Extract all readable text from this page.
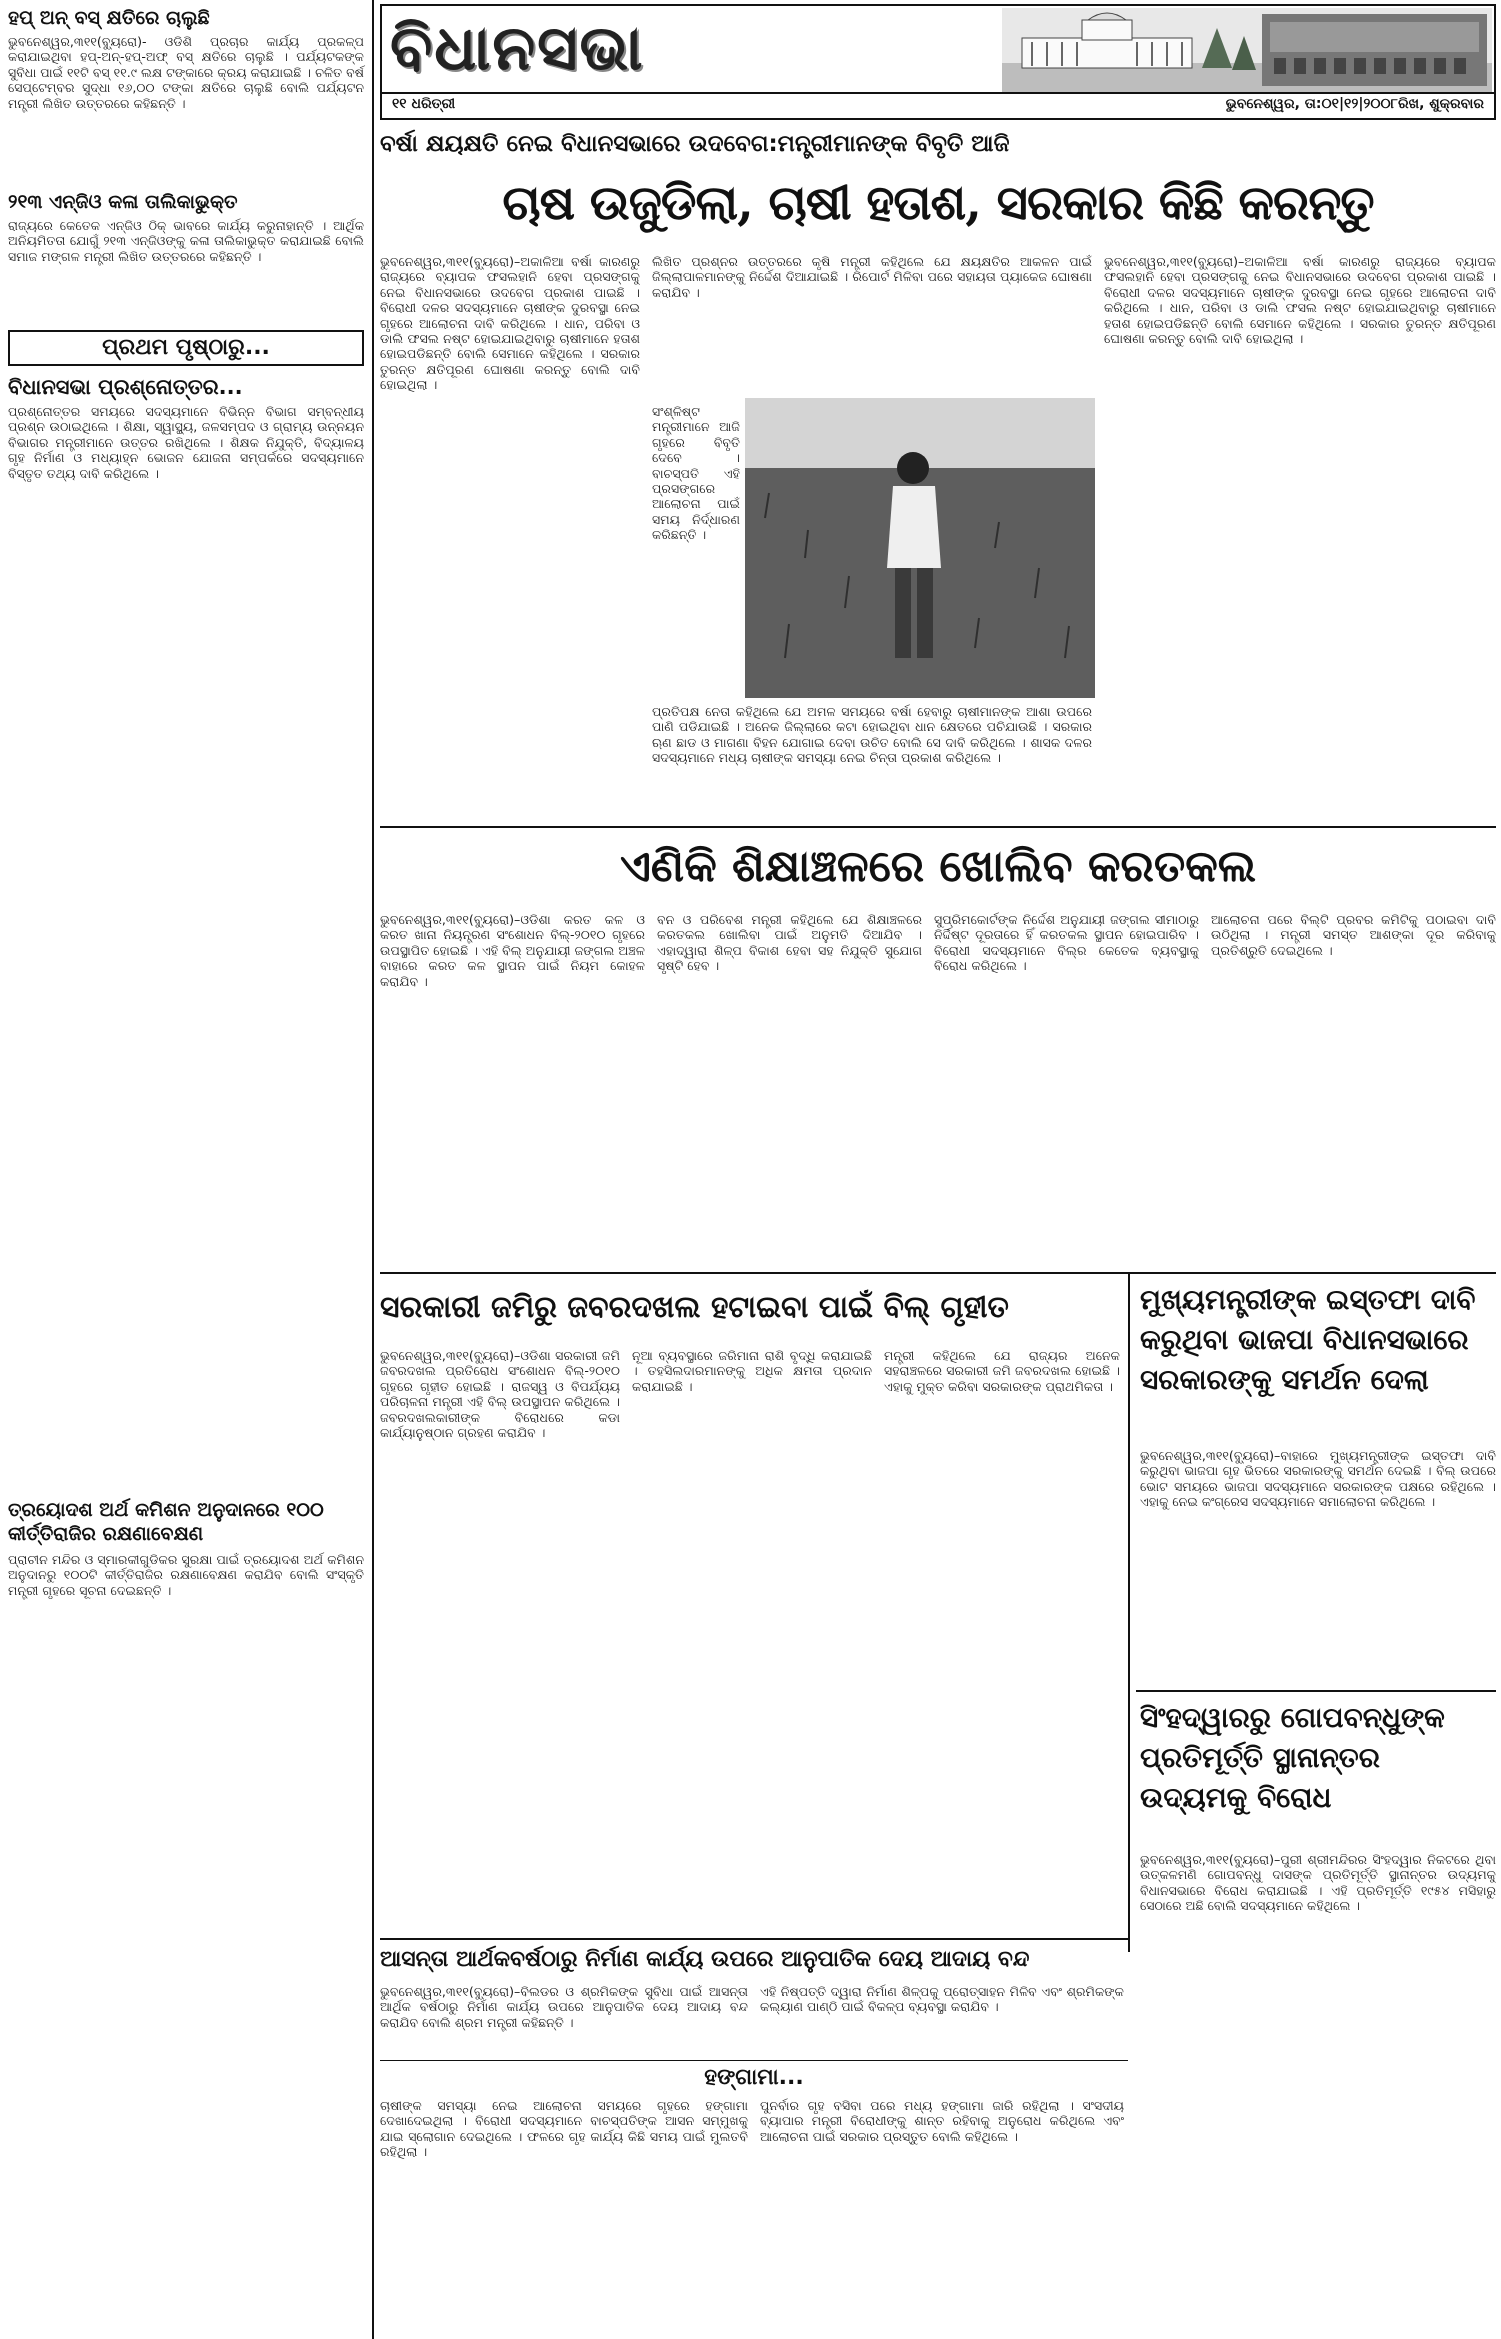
ହପ୍ ଅନ୍ ବସ୍ କ୍ଷତିରେ ଚାଲୁଛି
ଭୁବନେଶ୍ୱର,୩୧୧(ବ୍ୟୁରୋ)- ଓଡିଶି ପ୍ରଚାର କାର୍ଯ୍ୟ ପ୍ରକଳ୍ପ କରାଯାଇଥିବା ହପ୍-ଅନ୍-ହପ୍-ଅଫ୍ ବସ୍ କ୍ଷତିରେ ଚାଲୁଛି । ପର୍ଯ୍ୟଟକଙ୍କ ସୁବିଧା ପାଇଁ ୧୧ଟି ବସ୍ ୧୧.୯ ଲକ୍ଷ ଟଙ୍କାରେ କ୍ରୟ କରାଯାଇଛି । ଚଳିତ ବର୍ଷ ସେପ୍ଟେମ୍ବର ସୁଦ୍ଧା ୧୬,୦୦ ଟଙ୍କା କ୍ଷତିରେ ଚାଲୁଛି ବୋଲି ପର୍ଯ୍ୟଟନ ମନ୍ତ୍ରୀ ଲିଖିତ ଉତ୍ତରରେ କହିଛନ୍ତି ।
୨୧୩ ଏନ୍‌ଜିଓ କଳା ତାଲିକାଭୁକ୍ତ
ରାଜ୍ୟରେ କେତେକ ଏନ୍‌ଜିଓ ଠିକ୍ ଭାବରେ କାର୍ଯ୍ୟ କରୁନାହାନ୍ତି । ଆର୍ଥିକ ଅନିୟମିତତା ଯୋଗୁଁ ୨୧୩ ଏନ୍‌ଜିଓଙ୍କୁ କଳା ତାଲିକାଭୁକ୍ତ କରାଯାଇଛି ବୋଲି ସମାଜ ମଙ୍ଗଳ ମନ୍ତ୍ରୀ ଲିଖିତ ଉତ୍ତରରେ କହିଛନ୍ତି ।
ପ୍ରଥମ ପୃଷ୍ଠାରୁ...
ବିଧାନସଭା ପ୍ରଶ୍ନୋତ୍ତର...
ପ୍ରଶ୍ନୋତ୍ତର ସମୟରେ ସଦସ୍ୟମାନେ ବିଭିନ୍ନ ବିଭାଗ ସମ୍ବନ୍ଧୀୟ ପ୍ରଶ୍ନ ଉଠାଇଥିଲେ । ଶିକ୍ଷା, ସ୍ୱାସ୍ଥ୍ୟ, ଜଳସମ୍ପଦ ଓ ଗ୍ରାମ୍ୟ ଉନ୍ନୟନ ବିଭାଗର ମନ୍ତ୍ରୀମାନେ ଉତ୍ତର ରଖିଥିଲେ । ଶିକ୍ଷକ ନିଯୁକ୍ତି, ବିଦ୍ୟାଳୟ ଗୃହ ନିର୍ମାଣ ଓ ମଧ୍ୟାହ୍ନ ଭୋଜନ ଯୋଜନା ସମ୍ପର୍କରେ ସଦସ୍ୟମାନେ ବିସ୍ତୃତ ତଥ୍ୟ ଦାବି କରିଥିଲେ ।
ତ୍ରୟୋଦଶ ଅର୍ଥ କମିଶନ ଅନୁଦାନରେ ୧୦୦ କୀର୍ତ୍ତିରାଜିର ରକ୍ଷଣାବେକ୍ଷଣ
ପ୍ରାଚୀନ ମନ୍ଦିର ଓ ସ୍ମାରକୀଗୁଡିକର ସୁରକ୍ଷା ପାଇଁ ତ୍ରୟୋଦଶ ଅର୍ଥ କମିଶନ ଅନୁଦାନରୁ ୧୦୦ଟି କୀର୍ତ୍ତିରାଜିର ରକ୍ଷଣାବେକ୍ଷଣ କରାଯିବ ବୋଲି ସଂସ୍କୃତି ମନ୍ତ୍ରୀ ଗୃହରେ ସୂଚନା ଦେଇଛନ୍ତି ।
ବିଧାନସଭା
୧୧ ଧରିତ୍ରୀ	ଭୁବନେଶ୍ୱର, ତା:୦୧|୧୨|୨୦୦୮ରିଖ, ଶୁକ୍ରବାର
ବର୍ଷା କ୍ଷୟକ୍ଷତି ନେଇ ବିଧାନସଭାରେ ଉଦବେଗ:ମନ୍ତ୍ରୀମାନଙ୍କ ବିବୃତି ଆଜି
ଚାଷ ଉଜୁଡିଲା, ଚାଷୀ ହତାଶ, ସରକାର କିଛି କରନ୍ତୁ
ଭୁବନେଶ୍ୱର,୩୧୧(ବ୍ୟୁରୋ)–ଅକାଳିଆ ବର୍ଷା କାରଣରୁ ରାଜ୍ୟରେ ବ୍ୟାପକ ଫସଲହାନି ହେବା ପ୍ରସଙ୍ଗକୁ ନେଇ ବିଧାନସଭାରେ ଉଦବେଗ ପ୍ରକାଶ ପାଇଛି । ବିରୋଧୀ ଦଳର ସଦସ୍ୟମାନେ ଚାଷୀଙ୍କ ଦୁରବସ୍ଥା ନେଇ ଗୃହରେ ଆଲୋଚନା ଦାବି କରିଥିଲେ । ଧାନ, ପରିବା ଓ ଡାଲି ଫସଲ ନଷ୍ଟ ହୋଇଯାଇଥିବାରୁ ଚାଷୀମାନେ ହତାଶ ହୋଇପଡିଛନ୍ତି ବୋଲି ସେମାନେ କହିଥିଲେ । ସରକାର ତୁରନ୍ତ କ୍ଷତିପୂରଣ ଘୋଷଣା କରନ୍ତୁ ବୋଲି ଦାବି ହୋଇଥିଲା ।
ଲିଖିତ ପ୍ରଶ୍ନର ଉତ୍ତରରେ କୃଷି ମନ୍ତ୍ରୀ କହିଥିଲେ ଯେ କ୍ଷୟକ୍ଷତିର ଆକଳନ ପାଇଁ ଜିଲ୍ଲାପାଳମାନଙ୍କୁ ନିର୍ଦ୍ଦେଶ ଦିଆଯାଇଛି । ରିପୋର୍ଟ ମିଳିବା ପରେ ସହାୟତା ପ୍ୟାକେଜ ଘୋଷଣା କରାଯିବ ।
ସଂଶ୍ଳିଷ୍ଟ ମନ୍ତ୍ରୀମାନେ ଆଜି ଗୃହରେ ବିବୃତି ଦେବେ । ବାଚସ୍ପତି ଏହି ପ୍ରସଙ୍ଗରେ ଆଲୋଚନା ପାଇଁ ସମୟ ନିର୍ଦ୍ଧାରଣ କରିଛନ୍ତି ।
ପ୍ରତିପକ୍ଷ ନେତା କହିଥିଲେ ଯେ ଅମଳ ସମୟରେ ବର୍ଷା ହେବାରୁ ଚାଷୀମାନଙ୍କ ଆଶା ଉପରେ ପାଣି ପଡିଯାଇଛି । ଅନେକ ଜିଲ୍ଲାରେ କଟା ହୋଇଥିବା ଧାନ କ୍ଷେତରେ ପଚିଯାଉଛି । ସରକାର ଋଣ ଛାଡ ଓ ମାଗଣା ବିହନ ଯୋଗାଇ ଦେବା ଉଚିତ ବୋଲି ସେ ଦାବି କରିଥିଲେ । ଶାସକ ଦଳର ସଦସ୍ୟମାନେ ମଧ୍ୟ ଚାଷୀଙ୍କ ସମସ୍ୟା ନେଇ ଚିନ୍ତା ପ୍ରକାଶ କରିଥିଲେ ।
ଭୁବନେଶ୍ୱର,୩୧୧(ବ୍ୟୁରୋ)–ଅକାଳିଆ ବର୍ଷା କାରଣରୁ ରାଜ୍ୟରେ ବ୍ୟାପକ ଫସଲହାନି ହେବା ପ୍ରସଙ୍ଗକୁ ନେଇ ବିଧାନସଭାରେ ଉଦବେଗ ପ୍ରକାଶ ପାଇଛି । ବିରୋଧୀ ଦଳର ସଦସ୍ୟମାନେ ଚାଷୀଙ୍କ ଦୁରବସ୍ଥା ନେଇ ଗୃହରେ ଆଲୋଚନା ଦାବି କରିଥିଲେ । ଧାନ, ପରିବା ଓ ଡାଲି ଫସଲ ନଷ୍ଟ ହୋଇଯାଇଥିବାରୁ ଚାଷୀମାନେ ହତାଶ ହୋଇପଡିଛନ୍ତି ବୋଲି ସେମାନେ କହିଥିଲେ । ସରକାର ତୁରନ୍ତ କ୍ଷତିପୂରଣ ଘୋଷଣା କରନ୍ତୁ ବୋଲି ଦାବି ହୋଇଥିଲା ।
ଏଣିକି ଶିକ୍ଷାଞ୍ଚଳରେ ଖୋଲିବ କରତକଲ
ଭୁବନେଶ୍ୱର,୩୧୧(ବ୍ୟୁରୋ)–ଓଡିଶା କରତ କଳ ଓ କରତ ଖାନା ନିୟନ୍ତ୍ରଣ ସଂଶୋଧନ ବିଲ୍-୨୦୧୦ ଗୃହରେ ଉପସ୍ଥାପିତ ହୋଇଛି । ଏହି ବିଲ୍ ଅନୁଯାୟୀ ଜଙ୍ଗଲ ଅଞ୍ଚଳ ବାହାରେ କରତ କଳ ସ୍ଥାପନ ପାଇଁ ନିୟମ କୋହଳ କରାଯିବ ।
ବନ ଓ ପରିବେଶ ମନ୍ତ୍ରୀ କହିଥିଲେ ଯେ ଶିକ୍ଷାଞ୍ଚଳରେ କରତକଲ ଖୋଲିବା ପାଇଁ ଅନୁମତି ଦିଆଯିବ । ଏହାଦ୍ୱାରା ଶିଳ୍ପ ବିକାଶ ହେବା ସହ ନିଯୁକ୍ତି ସୁଯୋଗ ସୃଷ୍ଟି ହେବ ।
ସୁପ୍ରିମକୋର୍ଟଙ୍କ ନିର୍ଦ୍ଦେଶ ଅନୁଯାୟୀ ଜଙ୍ଗଲ ସୀମାଠାରୁ ନିର୍ଦ୍ଦିଷ୍ଟ ଦୂରତାରେ ହିଁ କରତକଲ ସ୍ଥାପନ ହୋଇପାରିବ । ବିରୋଧୀ ସଦସ୍ୟମାନେ ବିଲ୍‌ର କେତେକ ବ୍ୟବସ୍ଥାକୁ ବିରୋଧ କରିଥିଲେ ।
ଆଲୋଚନା ପରେ ବିଲ୍‌ଟି ପ୍ରବର କମିଟିକୁ ପଠାଇବା ଦାବି ଉଠିଥିଲା । ମନ୍ତ୍ରୀ ସମସ୍ତ ଆଶଙ୍କା ଦୂର କରିବାକୁ ପ୍ରତିଶ୍ରୁତି ଦେଇଥିଲେ ।
ସରକାରୀ ଜମିରୁ ଜବରଦଖଲ ହଟାଇବା ପାଇଁ ବିଲ୍ ଗୃହୀତ
ଭୁବନେଶ୍ୱର,୩୧୧(ବ୍ୟୁରୋ)–ଓଡିଶା ସରକାରୀ ଜମି ଜବରଦଖଲ ପ୍ରତିରୋଧ ସଂଶୋଧନ ବିଲ୍-୨୦୧୦ ଗୃହରେ ଗୃହୀତ ହୋଇଛି । ରାଜସ୍ୱ ଓ ବିପର୍ଯ୍ୟୟ ପରିଚାଳନା ମନ୍ତ୍ରୀ ଏହି ବିଲ୍ ଉପସ୍ଥାପନ କରିଥିଲେ । ଜବରଦଖଲକାରୀଙ୍କ ବିରୋଧରେ କଡା କାର୍ଯ୍ୟାନୁଷ୍ଠାନ ଗ୍ରହଣ କରାଯିବ ।
ନୂଆ ବ୍ୟବସ୍ଥାରେ ଜରିମାନା ରାଶି ବୃଦ୍ଧି କରାଯାଇଛି । ତହସିଲଦାରମାନଙ୍କୁ ଅଧିକ କ୍ଷମତା ପ୍ରଦାନ କରାଯାଇଛି ।
ମନ୍ତ୍ରୀ କହିଥିଲେ ଯେ ରାଜ୍ୟର ଅନେକ ସହରାଞ୍ଚଳରେ ସରକାରୀ ଜମି ଜବରଦଖଲ ହୋଇଛି । ଏହାକୁ ମୁକ୍ତ କରିବା ସରକାରଙ୍କ ପ୍ରାଥମିକତା ।
ମୁଖ୍ୟମନ୍ତ୍ରୀଙ୍କ ଇସ୍ତଫା ଦାବି କରୁଥିବା ଭାଜପା ବିଧାନସଭାରେ ସରକାରଙ୍କୁ ସମର୍ଥନ ଦେଲା
ଭୁବନେଶ୍ୱର,୩୧୧(ବ୍ୟୁରୋ)–ବାହାରେ ମୁଖ୍ୟମନ୍ତ୍ରୀଙ୍କ ଇସ୍ତଫା ଦାବି କରୁଥିବା ଭାଜପା ଗୃହ ଭିତରେ ସରକାରଙ୍କୁ ସମର୍ଥନ ଦେଇଛି । ବିଲ୍ ଉପରେ ଭୋଟ ସମୟରେ ଭାଜପା ସଦସ୍ୟମାନେ ସରକାରଙ୍କ ପକ୍ଷରେ ରହିଥିଲେ । ଏହାକୁ ନେଇ କଂଗ୍ରେସ ସଦସ୍ୟମାନେ ସମାଲୋଚନା କରିଥିଲେ ।
ସିଂହଦ୍ୱାରରୁ ଗୋପବନ୍ଧୁଙ୍କ ପ୍ରତିମୂର୍ତ୍ତି ସ୍ଥାନାନ୍ତର ଉଦ୍ୟମକୁ ବିରୋଧ
ଭୁବନେଶ୍ୱର,୩୧୧(ବ୍ୟୁରୋ)–ପୁରୀ ଶ୍ରୀମନ୍ଦିରର ସିଂହଦ୍ୱାର ନିକଟରେ ଥିବା ଉତ୍କଳମଣି ଗୋପବନ୍ଧୁ ଦାସଙ୍କ ପ୍ରତିମୂର୍ତ୍ତି ସ୍ଥାନାନ୍ତର ଉଦ୍ୟମକୁ ବିଧାନସଭାରେ ବିରୋଧ କରାଯାଇଛି । ଏହି ପ୍ରତିମୂର୍ତ୍ତି ୧୯୫୪ ମସିହାରୁ ସେଠାରେ ଅଛି ବୋଲି ସଦସ୍ୟମାନେ କହିଥିଲେ ।
ଆସନ୍ତା ଆର୍ଥକବର୍ଷଠାରୁ ନିର୍ମାଣ କାର୍ଯ୍ୟ ଉପରେ ଆନୁପାତିକ ଦେୟ ଆଦାୟ ବନ୍ଦ
ଭୁବନେଶ୍ୱର,୩୧୧(ବ୍ୟୁରୋ)–ବିଲଡର ଓ ଶ୍ରମିକଙ୍କ ସୁବିଧା ପାଇଁ ଆସନ୍ତା ଆର୍ଥିକ ବର୍ଷଠାରୁ ନିର୍ମାଣ କାର୍ଯ୍ୟ ଉପରେ ଆନୁପାତିକ ଦେୟ ଆଦାୟ ବନ୍ଦ କରାଯିବ ବୋଲି ଶ୍ରମ ମନ୍ତ୍ରୀ କହିଛନ୍ତି ।
ଏହି ନିଷ୍ପତ୍ତି ଦ୍ୱାରା ନିର୍ମାଣ ଶିଳ୍ପକୁ ପ୍ରୋତ୍ସାହନ ମିଳିବ ଏବଂ ଶ୍ରମିକଙ୍କ କଲ୍ୟାଣ ପାଣ୍ଠି ପାଇଁ ବିକଳ୍ପ ବ୍ୟବସ୍ଥା କରାଯିବ ।
ହଙ୍ଗାମା...
ଚାଷୀଙ୍କ ସମସ୍ୟା ନେଇ ଆଲୋଚନା ସମୟରେ ଗୃହରେ ହଙ୍ଗାମା ଦେଖାଦେଇଥିଲା । ବିରୋଧୀ ସଦସ୍ୟମାନେ ବାଚସ୍ପତିଙ୍କ ଆସନ ସମ୍ମୁଖକୁ ଯାଇ ସ୍ଲୋଗାନ ଦେଇଥିଲେ । ଫଳରେ ଗୃହ କାର୍ଯ୍ୟ କିଛି ସମୟ ପାଇଁ ମୁଲତବି ରହିଥିଲା ।
ପୁନର୍ବାର ଗୃହ ବସିବା ପରେ ମଧ୍ୟ ହଙ୍ଗାମା ଜାରି ରହିଥିଲା । ସଂସଦୀୟ ବ୍ୟାପାର ମନ୍ତ୍ରୀ ବିରୋଧୀଙ୍କୁ ଶାନ୍ତ ରହିବାକୁ ଅନୁରୋଧ କରିଥିଲେ ଏବଂ ଆଲୋଚନା ପାଇଁ ସରକାର ପ୍ରସ୍ତୁତ ବୋଲି କହିଥିଲେ ।
